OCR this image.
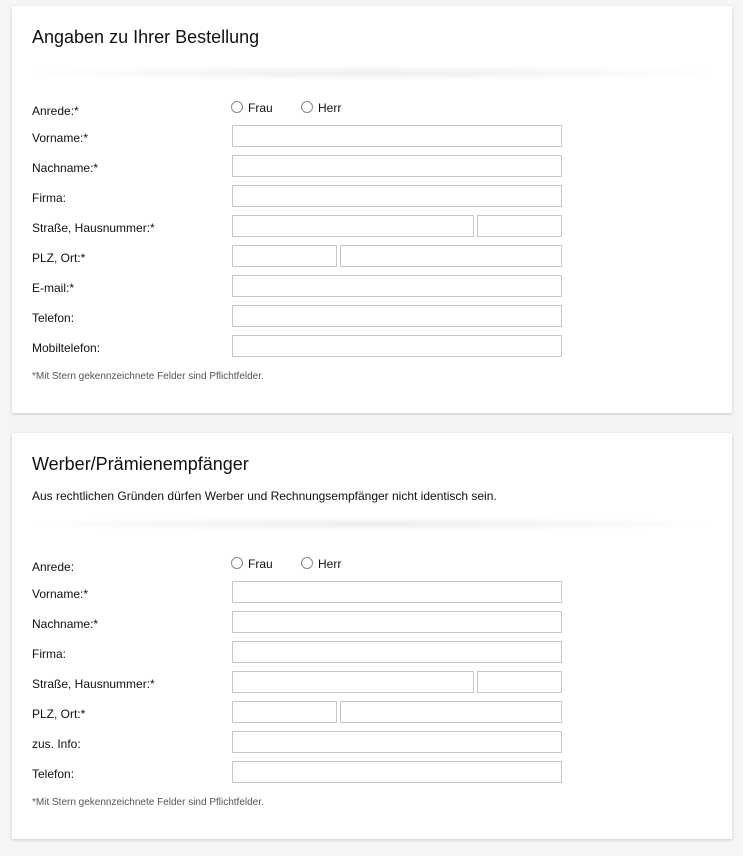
Angaben zu Ihrer Bestellung
Anrede:*	Frau	Herr
Vorname:*
Nachname:*
Firma:
Straße, Hausnummer:*
PLZ, Ort:*
E-mail:*
Telefon:
Mobiltelefon:
*Mit Stern gekennzeichnete Felder sind Pflichtfelder.
Werber/Prämienempfänger
Aus rechtlichen Gründen dürfen Werber und Rechnungsempfänger nicht identisch sein.
Anrede:	Frau	Herr
Vorname:*
Nachname:*
Firma:
Straße, Hausnummer:*
PLZ, Ort:*
zus. Info:
Telefon:
*Mit Stern gekennzeichnete Felder sind Pflichtfelder.
